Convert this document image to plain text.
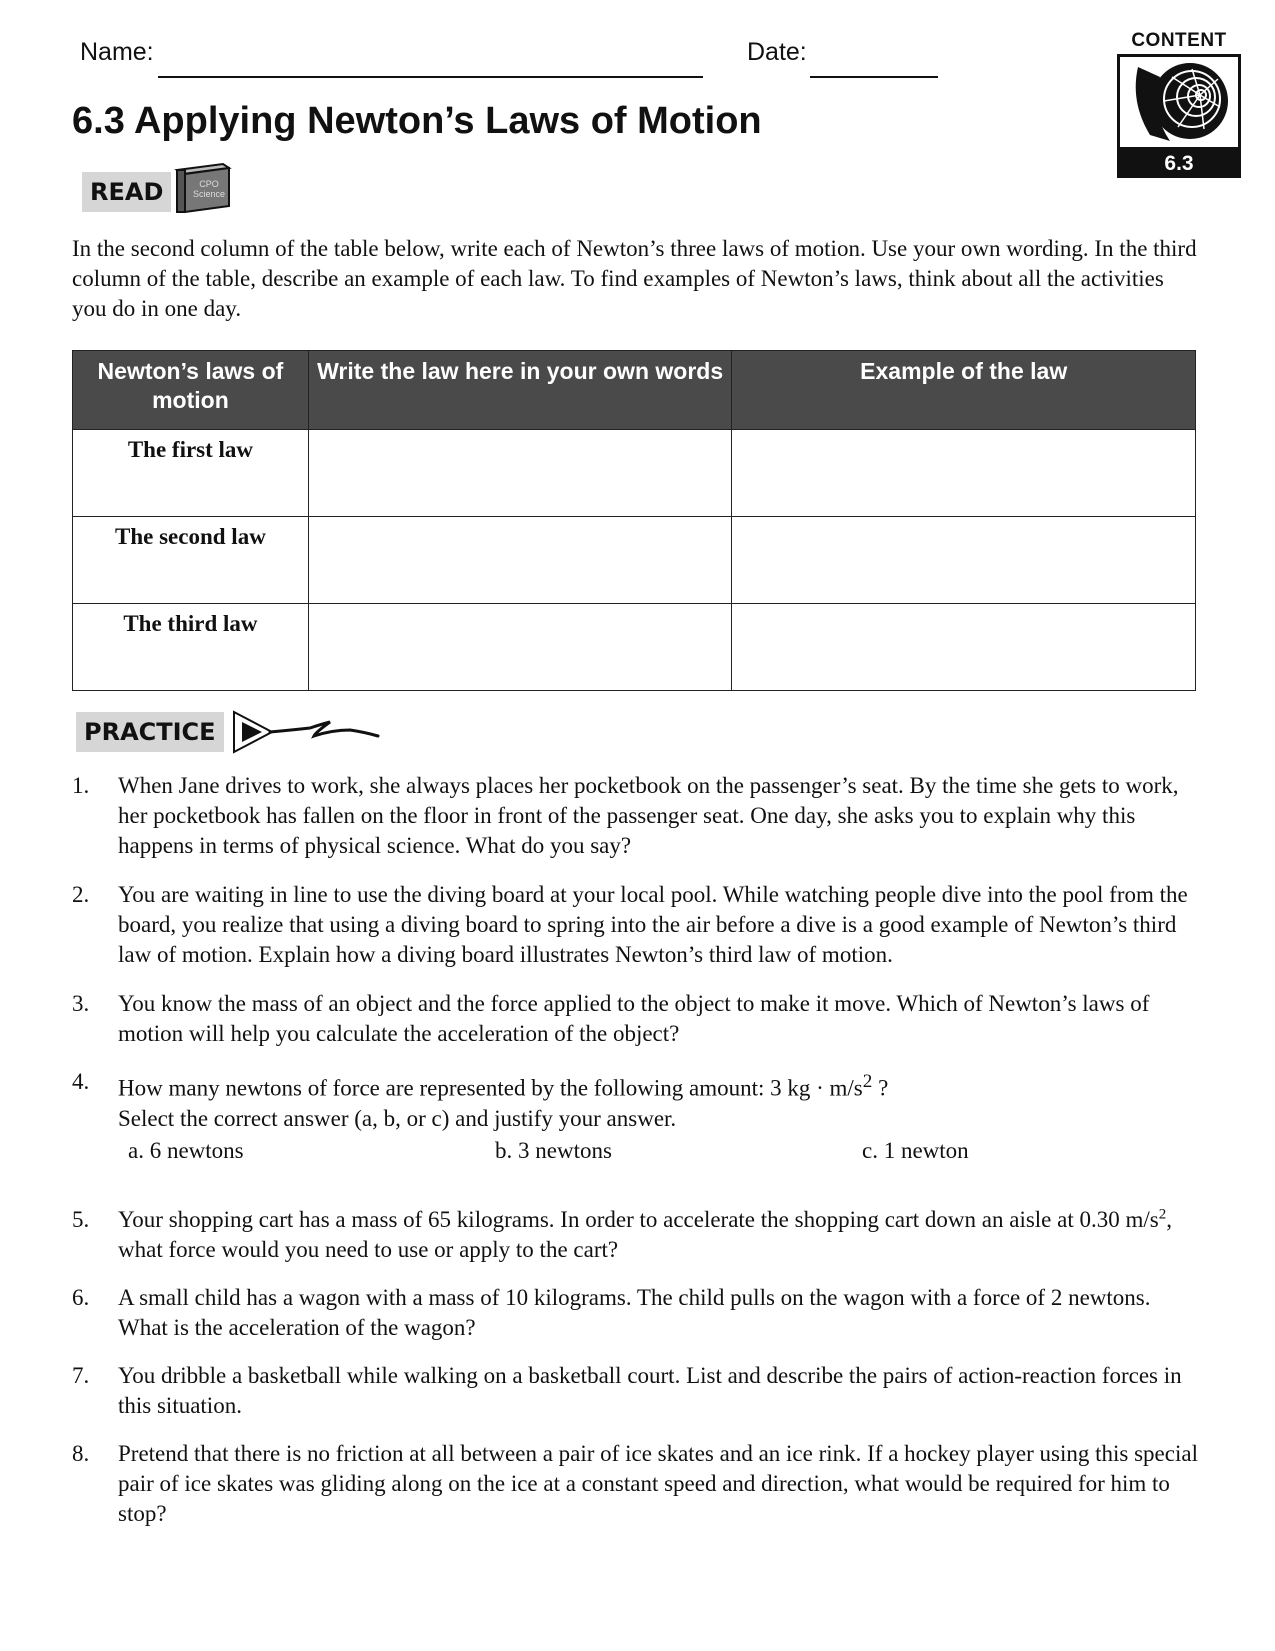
Name:	Date:
6.3 Applying Newton’s Laws of Motion
CONTENT
6.3
READ	CPO
Science
In the second column of the table below, write each of Newton’s three laws of motion. Use your own wording. In the third column of the table, describe an example of each law. To find examples of Newton’s laws, think about all the activities you do in one day.
Newton’s laws of motion	Write the law here in your own words	Example of the law
The first law		
The second law		
The third law		
PRACTICE
1. When Jane drives to work, she always places her pocketbook on the passenger’s seat. By the time she gets to work, her pocketbook has fallen on the floor in front of the passenger seat. One day, she asks you to explain why this happens in terms of physical science. What do you say?
2. You are waiting in line to use the diving board at your local pool. While watching people dive into the pool from the board, you realize that using a diving board to spring into the air before a dive is a good example of Newton’s third law of motion. Explain how a diving board illustrates Newton’s third law of motion.
3. You know the mass of an object and the force applied to the object to make it move. Which of Newton’s laws of motion will help you calculate the acceleration of the object?
4. How many newtons of force are represented by the following amount: 3 kg · $m/s^2$ ?
Select the correct answer (a, b, or c) and justify your answer.
a. 6 newtons	b. 3 newtons	c. 1 newton
5. Your shopping cart has a mass of 65 kilograms. In order to accelerate the shopping cart down an aisle at 0.30 $m/s^2$, what force would you need to use or apply to the cart?
6. A small child has a wagon with a mass of 10 kilograms. The child pulls on the wagon with a force of 2 newtons. What is the acceleration of the wagon?
7. You dribble a basketball while walking on a basketball court. List and describe the pairs of action-reaction forces in this situation.
8. Pretend that there is no friction at all between a pair of ice skates and an ice rink. If a hockey player using this special pair of ice skates was gliding along on the ice at a constant speed and direction, what would be required for him to stop?
